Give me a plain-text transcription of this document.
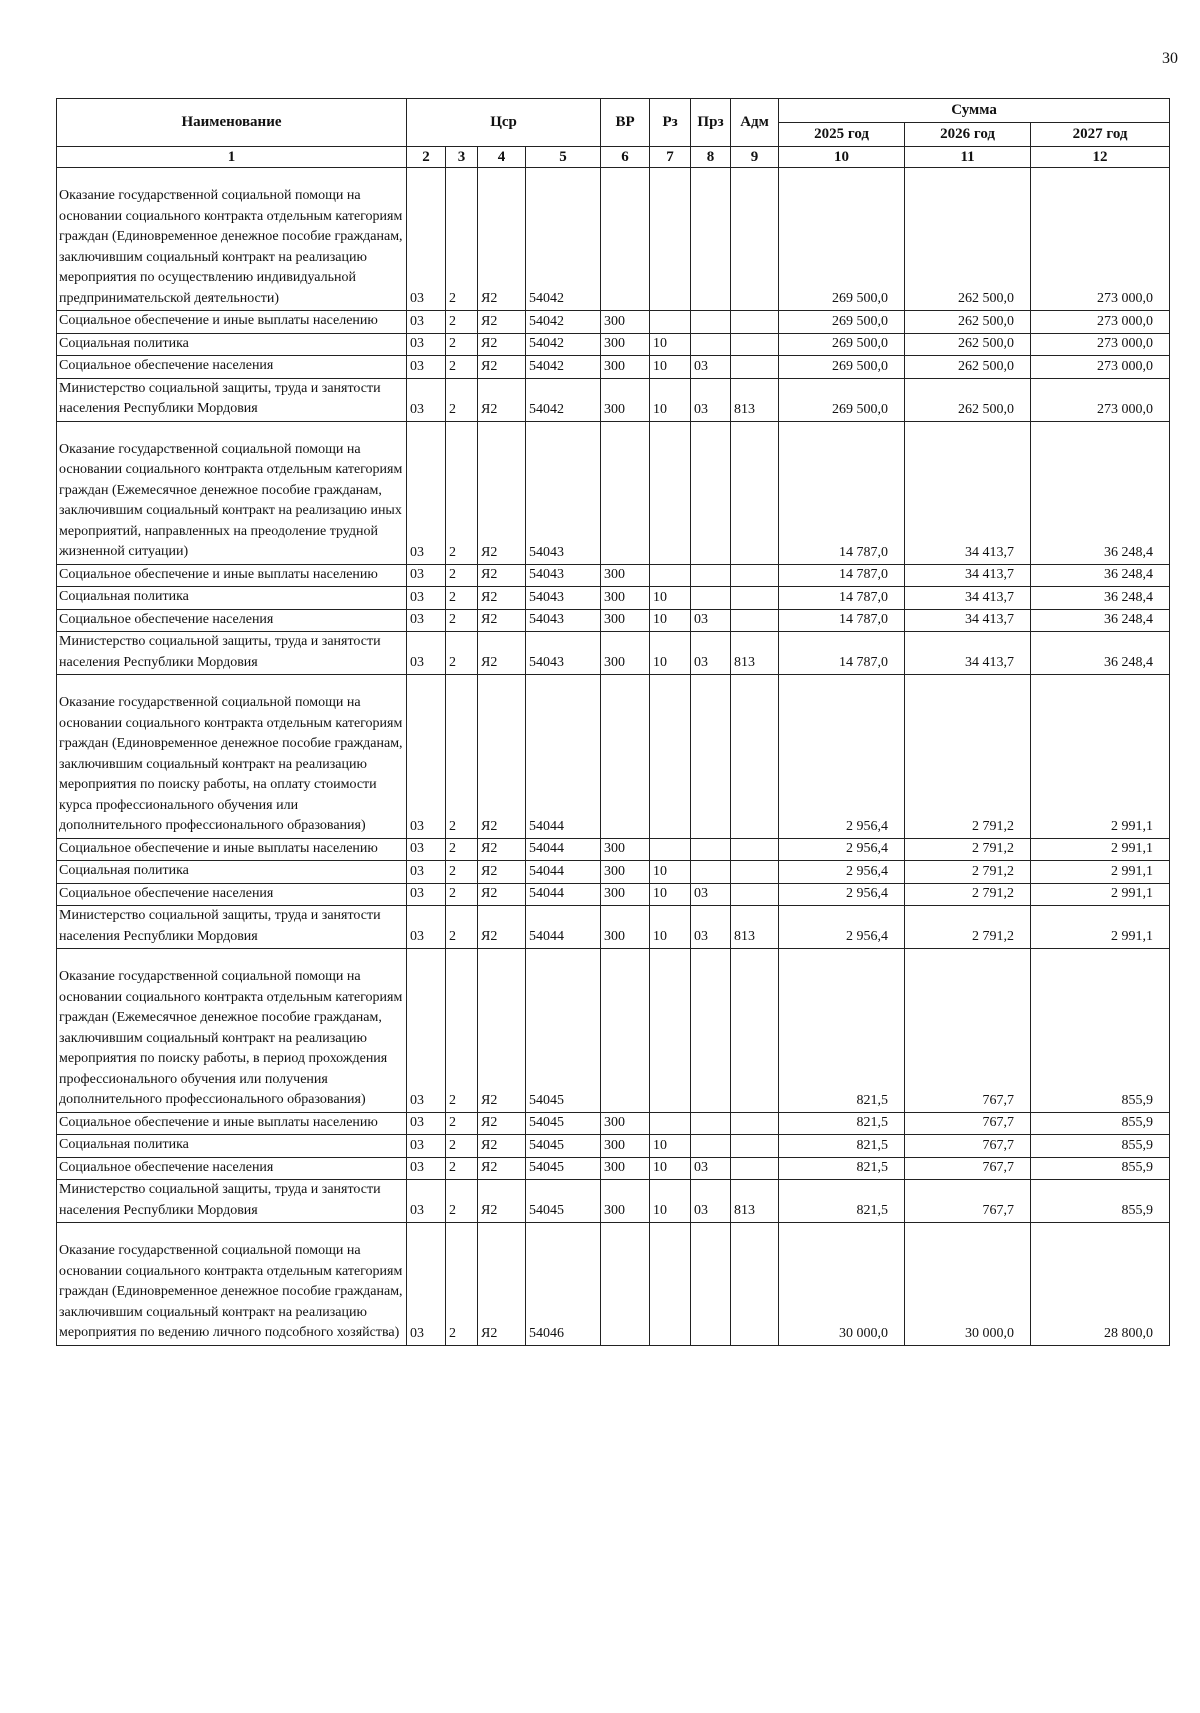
30
Наименование	Цср				ВР	Рз	Прз	Адм	Сумма		
									2025 год	2026 год	2027 год
1	2	3	4	5	6	7	8	9	10	11	12
Оказание государственной социальной помощи на основании социального контракта отдельным категориям граждан (Единовременное денежное пособие гражданам, заключившим социальный контракт на реализацию мероприятия по осуществлению индивидуальной предпринимательской деятельности)	03	2	Я2	54042					269 500,0	262 500,0	273 000,0
Социальное обеспечение и иные выплаты населению	03	2	Я2	54042	300				269 500,0	262 500,0	273 000,0
Социальная политика	03	2	Я2	54042	300	10			269 500,0	262 500,0	273 000,0
Социальное обеспечение населения	03	2	Я2	54042	300	10	03		269 500,0	262 500,0	273 000,0
Министерство социальной защиты, труда и занятости населения Республики Мордовия	03	2	Я2	54042	300	10	03	813	269 500,0	262 500,0	273 000,0
Оказание государственной социальной помощи на основании социального контракта отдельным категориям граждан (Ежемесячное денежное пособие гражданам, заключившим социальный контракт на реализацию иных мероприятий, направленных на преодоление трудной жизненной ситуации)	03	2	Я2	54043					14 787,0	34 413,7	36 248,4
Социальное обеспечение и иные выплаты населению	03	2	Я2	54043	300				14 787,0	34 413,7	36 248,4
Социальная политика	03	2	Я2	54043	300	10			14 787,0	34 413,7	36 248,4
Социальное обеспечение населения	03	2	Я2	54043	300	10	03		14 787,0	34 413,7	36 248,4
Министерство социальной защиты, труда и занятости населения Республики Мордовия	03	2	Я2	54043	300	10	03	813	14 787,0	34 413,7	36 248,4
Оказание государственной социальной помощи на основании социального контракта отдельным категориям граждан (Единовременное денежное пособие гражданам, заключившим социальный контракт на реализацию мероприятия по поиску работы, на оплату стоимости курса профессионального обучения или дополнительного профессионального образования)	03	2	Я2	54044					2 956,4	2 791,2	2 991,1
Социальное обеспечение и иные выплаты населению	03	2	Я2	54044	300				2 956,4	2 791,2	2 991,1
Социальная политика	03	2	Я2	54044	300	10			2 956,4	2 791,2	2 991,1
Социальное обеспечение населения	03	2	Я2	54044	300	10	03		2 956,4	2 791,2	2 991,1
Министерство социальной защиты, труда и занятости населения Республики Мордовия	03	2	Я2	54044	300	10	03	813	2 956,4	2 791,2	2 991,1
Оказание государственной социальной помощи на основании социального контракта отдельным категориям граждан (Ежемесячное денежное пособие гражданам, заключившим социальный контракт на реализацию мероприятия по поиску работы, в период прохождения профессионального обучения или получения дополнительного профессионального образования)	03	2	Я2	54045					821,5	767,7	855,9
Социальное обеспечение и иные выплаты населению	03	2	Я2	54045	300				821,5	767,7	855,9
Социальная политика	03	2	Я2	54045	300	10			821,5	767,7	855,9
Социальное обеспечение населения	03	2	Я2	54045	300	10	03		821,5	767,7	855,9
Министерство социальной защиты, труда и занятости населения Республики Мордовия	03	2	Я2	54045	300	10	03	813	821,5	767,7	855,9
Оказание государственной социальной помощи на основании социального контракта отдельным категориям граждан (Единовременное денежное пособие гражданам, заключившим социальный контракт на реализацию мероприятия по ведению личного подсобного хозяйства)	03	2	Я2	54046					30 000,0	30 000,0	28 800,0
